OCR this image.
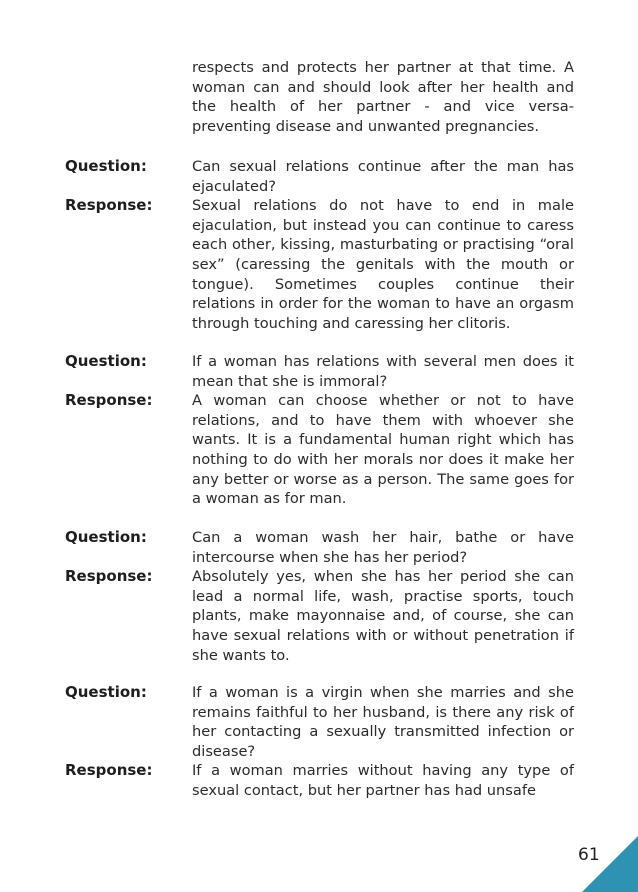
respects and protects her partner at that time. A woman can and should look after her health and the health of her partner - and vice versa- preventing disease and unwanted pregnancies.
Question:	Can sexual relations continue after the man has ejaculated?
Response:	Sexual relations do not have to end in male ejaculation, but instead you can continue to caress each other, kissing, masturbating or practising “oral sex” (caressing the genitals with the mouth or tongue). Sometimes couples continue their relations in order for the woman to have an orgasm through touching and caressing her clitoris.
Question:	If a woman has relations with several men does it mean that she is immoral?
Response:	A woman can choose whether or not to have relations, and to have them with whoever she wants. It is a fundamental human right which has nothing to do with her morals nor does it make her any better or worse as a person. The same goes for a woman as for man.
Question:	Can a woman wash her hair, bathe or have intercourse when she has her period?
Response:	Absolutely yes, when she has her period she can lead a normal life, wash, practise sports, touch plants, make mayonnaise and, of course, she can have sexual relations with or without penetration if she wants to.
Question:	If a woman is a virgin when she marries and she remains faithful to her husband, is there any risk of her contacting a sexually transmitted infection or disease?
Response:	If a woman marries without having any type of sexual contact, but her partner has had unsafe
61
